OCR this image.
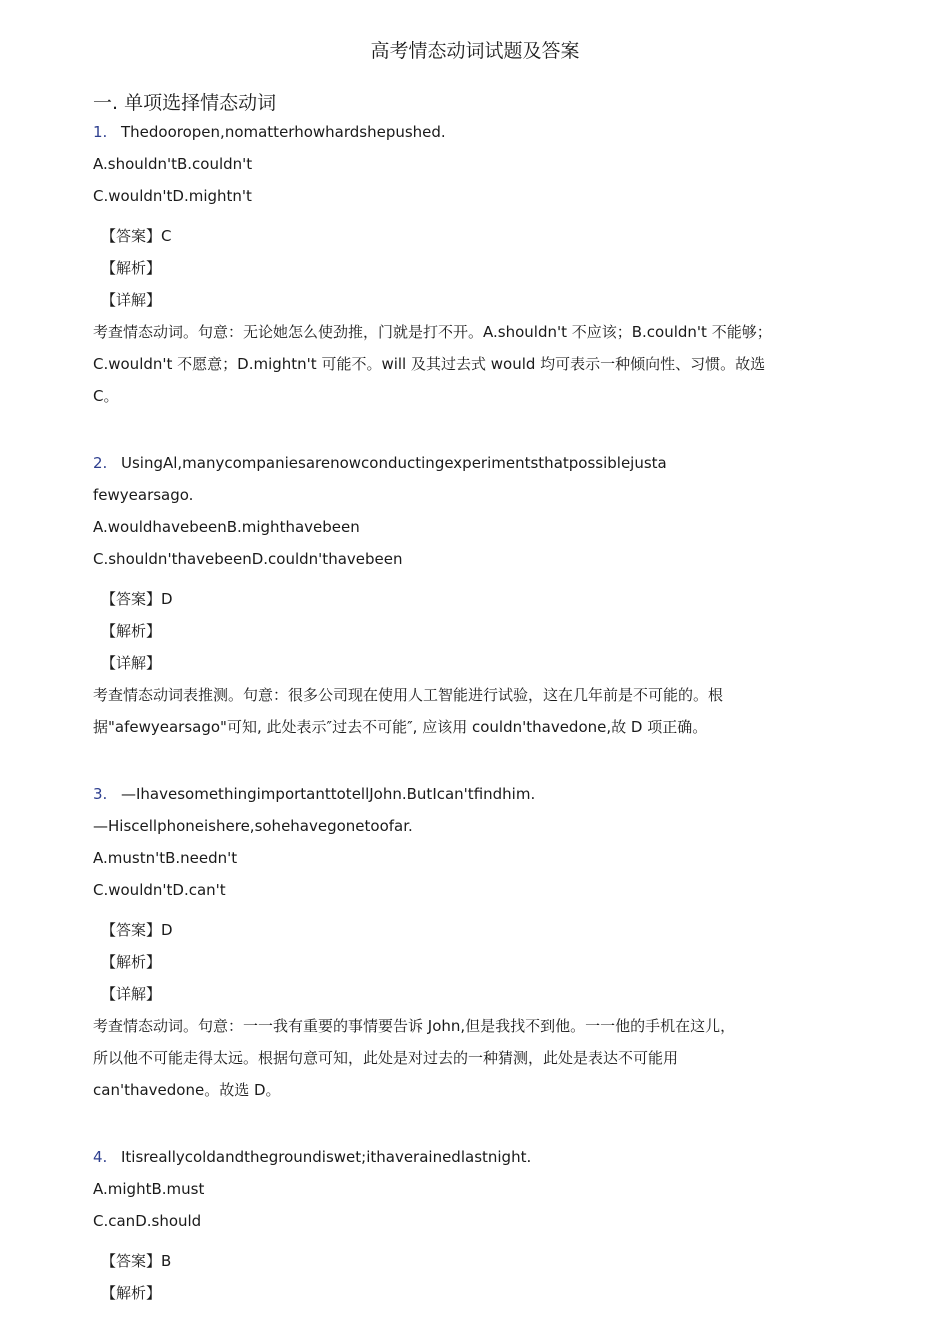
高考情态动词试题及答案
一. 单项选择情态动词
1. Thedooropen,nomatterhowhardshepushed.
A.shouldn'tB.couldn't
C.wouldn'tD.mightn't
【答案】C
【解析】
【详解】
考查情态动词。句意：无论她怎么使劲推，门就是打不开。A.shouldn't 不应该；B.couldn't 不能够；
C.wouldn't 不愿意；D.mightn't 可能不。will 及其过去式 would 均可表示一种倾向性、习惯。故选
C。
2. UsingAl,manycompaniesarenowconductingexperimentsthatpossiblejusta
fewyearsago.
A.wouldhavebeenB.mighthavebeen
C.shouldn'thavebeenD.couldn'thavebeen
【答案】D
【解析】
【详解】
考查情态动词表推测。句意：很多公司现在使用人工智能进行试验，这在几年前是不可能的。根
据"afewyearsago"可知, 此处表示″过去不可能″, 应该用 couldn'thavedone,故 D 项正确。
3. —IhavesomethingimportanttotellJohn.ButIcan'tfindhim.
—Hiscellphoneishere,sohehavegonetoofar.
A.mustn'tB.needn't
C.wouldn'tD.can't
【答案】D
【解析】
【详解】
考查情态动词。句意：一一我有重要的事情要告诉 John,但是我找不到他。一一他的手机在这儿，
所以他不可能走得太远。根据句意可知，此处是对过去的一种猜测，此处是表达不可能用
can'thavedone。故选 D。
4. Itisreallycoldandthegroundiswet;ithaverainedlastnight.
A.mightB.must
C.canD.should
【答案】B
【解析】
